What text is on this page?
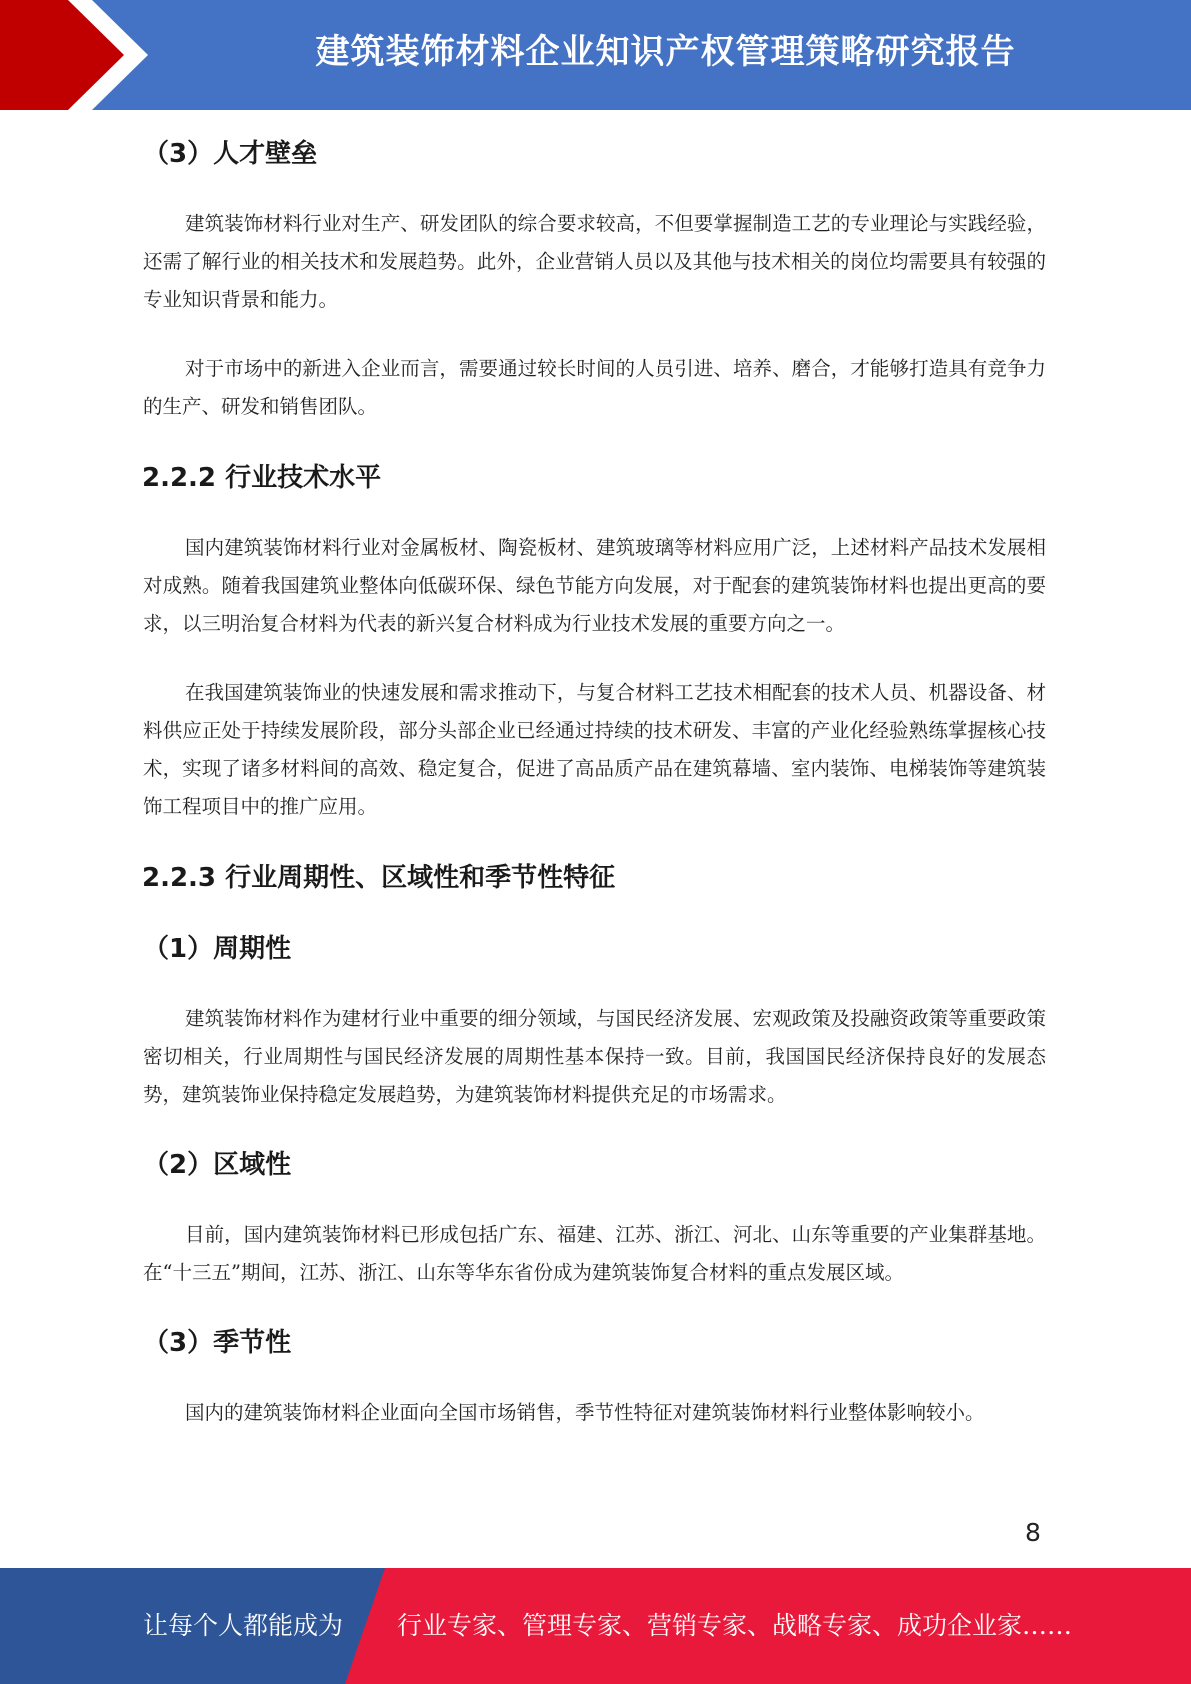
建筑装饰材料企业知识产权管理策略研究报告
（3）人才壁垒

建筑装饰材料行业对生产、研发团队的综合要求较高，不但要掌握制造工艺的专业理论与实践经验，还需了解行业的相关技术和发展趋势。此外，企业营销人员以及其他与技术相关的岗位均需要具有较强的专业知识背景和能力。

对于市场中的新进入企业而言，需要通过较长时间的人员引进、培养、磨合，才能够打造具有竞争力的生产、研发和销售团队。

2.2.2 行业技术水平

国内建筑装饰材料行业对金属板材、陶瓷板材、建筑玻璃等材料应用广泛，上述材料产品技术发展相对成熟。随着我国建筑业整体向低碳环保、绿色节能方向发展，对于配套的建筑装饰材料也提出更高的要求，以三明治复合材料为代表的新兴复合材料成为行业技术发展的重要方向之一。

在我国建筑装饰业的快速发展和需求推动下，与复合材料工艺技术相配套的技术人员、机器设备、材料供应正处于持续发展阶段，部分头部企业已经通过持续的技术研发、丰富的产业化经验熟练掌握核心技术，实现了诸多材料间的高效、稳定复合，促进了高品质产品在建筑幕墙、室内装饰、电梯装饰等建筑装饰工程项目中的推广应用。

2.2.3 行业周期性、区域性和季节性特征
（1）周期性

建筑装饰材料作为建材行业中重要的细分领域，与国民经济发展、宏观政策及投融资政策等重要政策密切相关，行业周期性与国民经济发展的周期性基本保持一致。目前，我国国民经济保持良好的发展态势，建筑装饰业保持稳定发展趋势，为建筑装饰材料提供充足的市场需求。

（2）区域性

目前，国内建筑装饰材料已形成包括广东、福建、江苏、浙江、河北、山东等重要的产业集群基地。在“十三五”期间，江苏、浙江、山东等华东省份成为建筑装饰复合材料的重点发展区域。

（3）季节性

国内的建筑装饰材料企业面向全国市场销售，季节性特征对建筑装饰材料行业整体影响较小。

8
让每个人都能成为 行业专家、管理专家、营销专家、战略专家、成功企业家……
